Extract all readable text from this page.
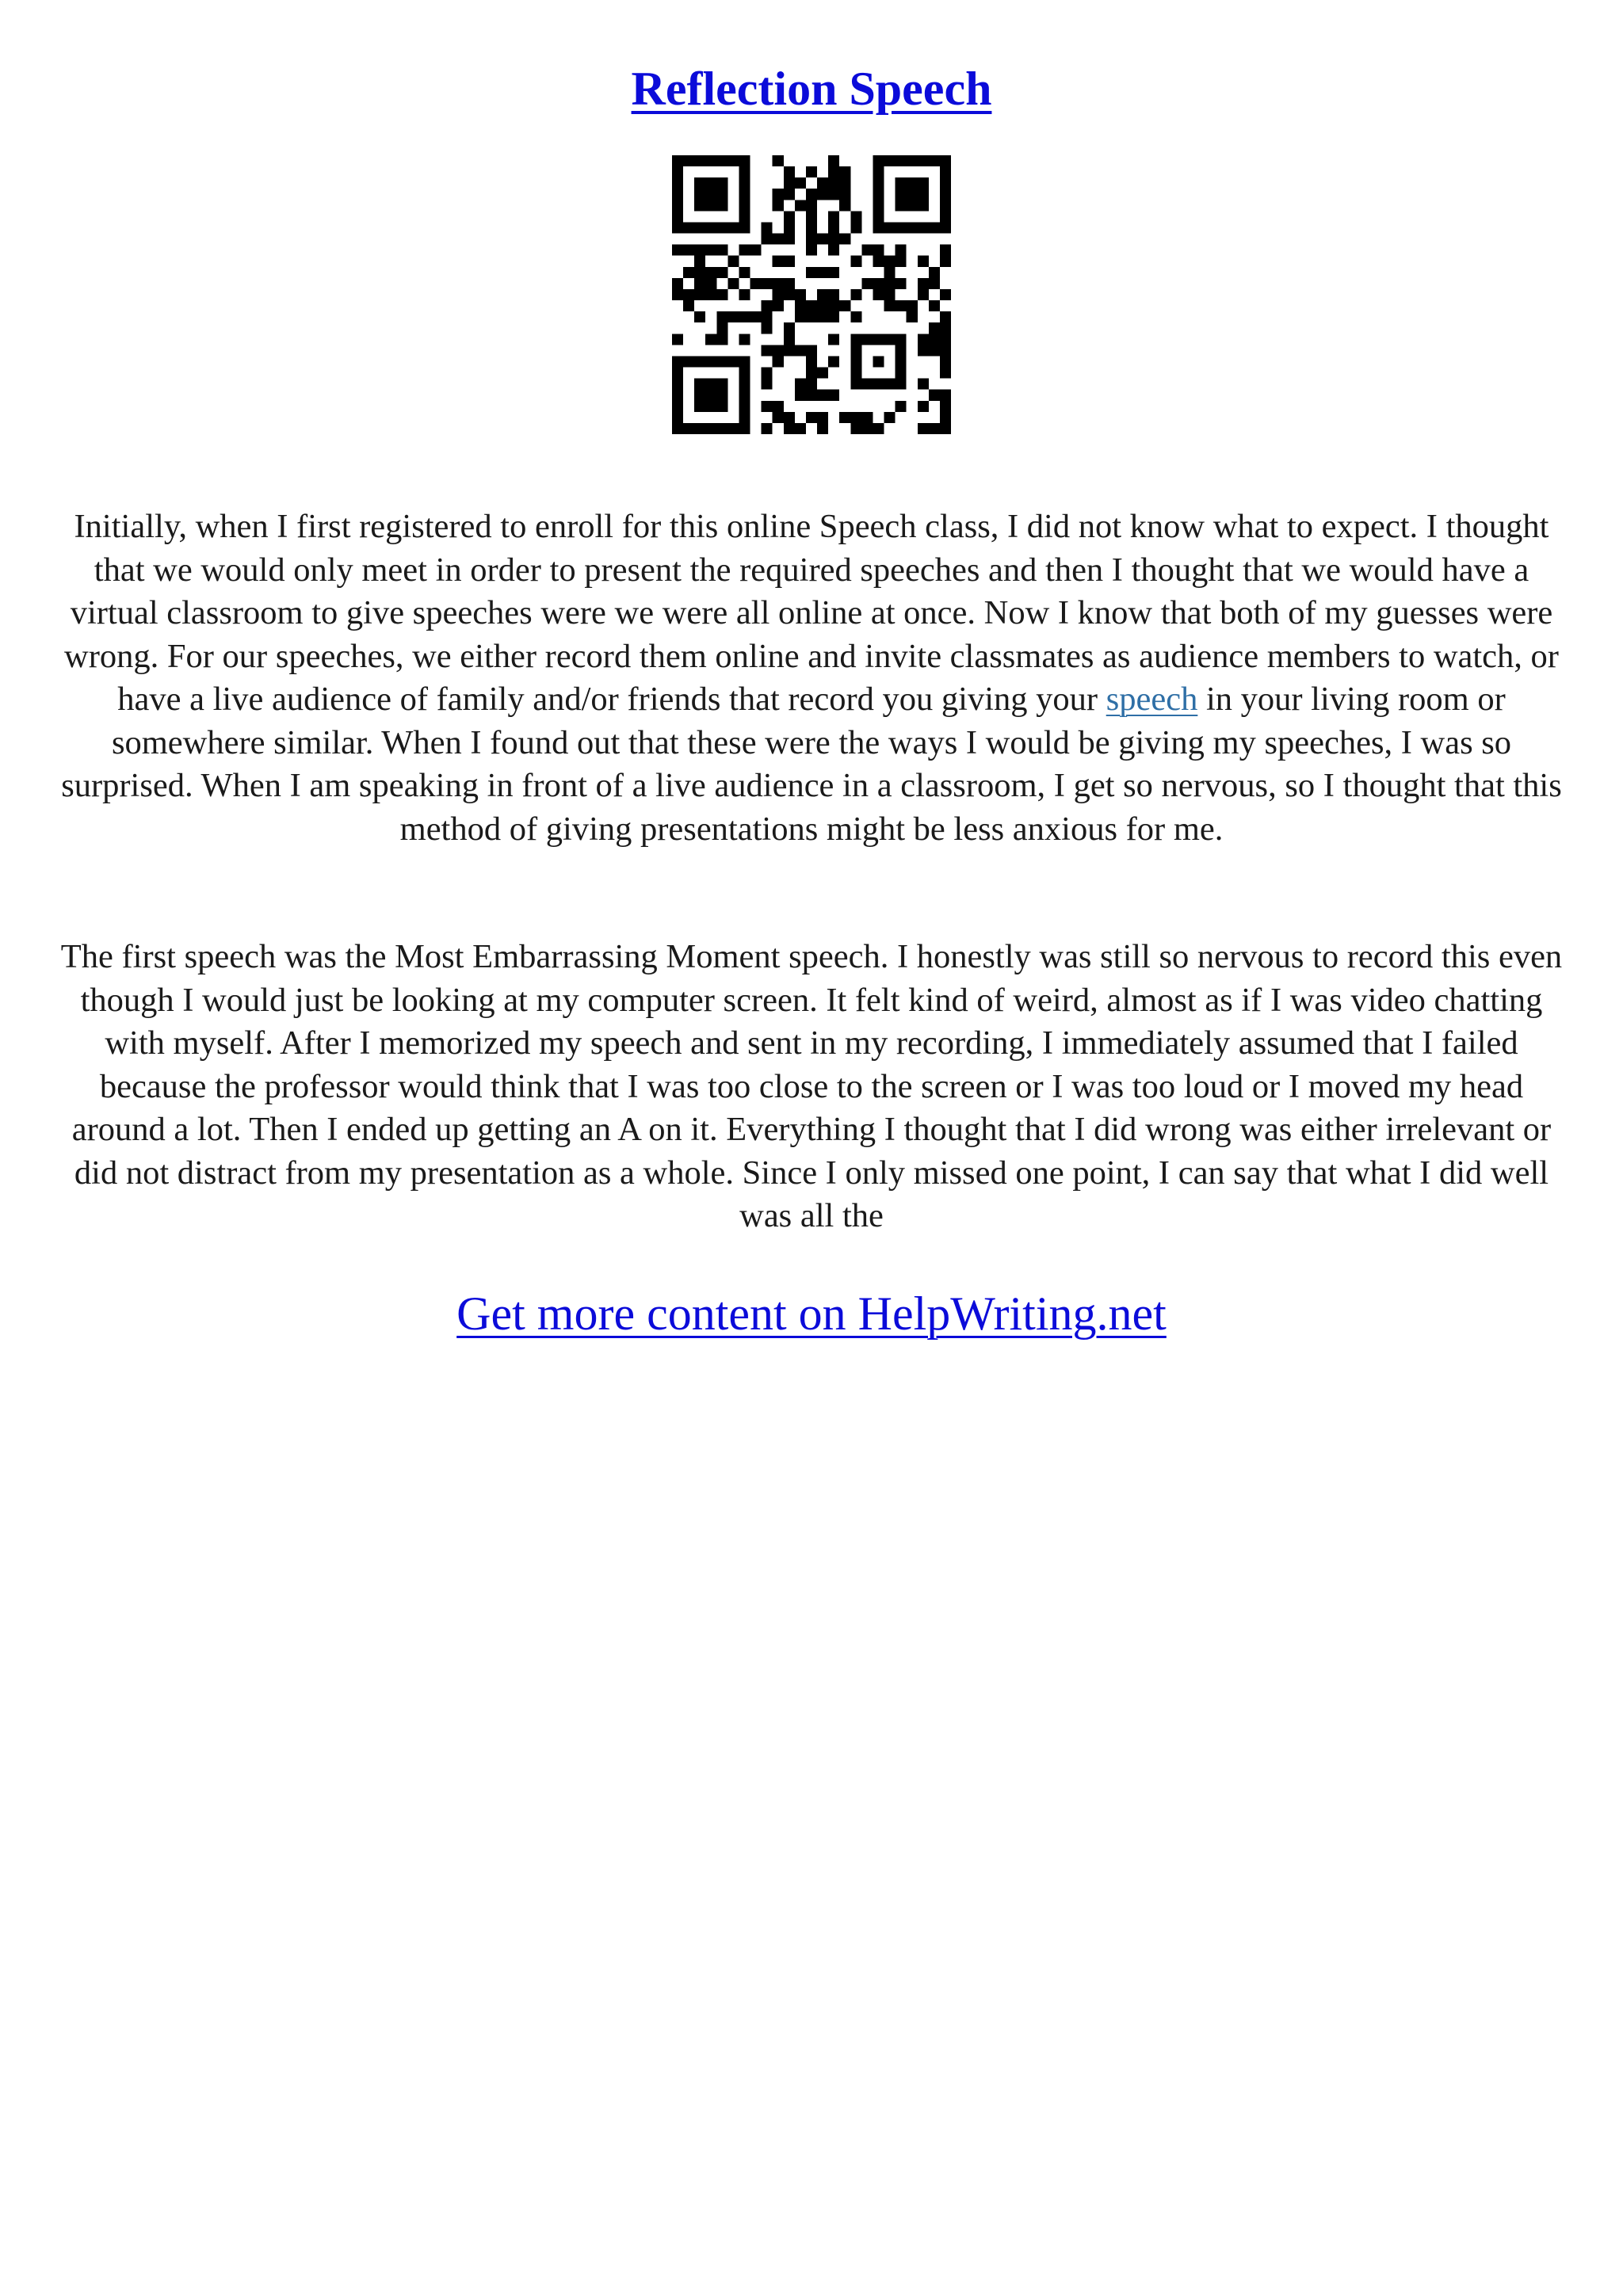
Reflection Speech

Initially, when I first registered to enroll for this online Speech class, I did not know what to expect. I thought that we would only meet in order to present the required speeches and then I thought that we would have a virtual classroom to give speeches were we were all online at once. Now I know that both of my guesses were wrong. For our speeches, we either record them online and invite classmates as audience members to watch, or have a live audience of family and/or friends that record you giving your speech in your living room or somewhere similar. When I found out that these were the ways I would be giving my speeches, I was so surprised. When I am speaking in front of a live audience in a classroom, I get so nervous, so I thought that this method of giving presentations might be less anxious for me.

The first speech was the Most Embarrassing Moment speech. I honestly was still so nervous to record this even though I would just be looking at my computer screen. It felt kind of weird, almost as if I was video chatting with myself. After I memorized my speech and sent in my recording, I immediately assumed that I failed because the professor would think that I was too close to the screen or I was too loud or I moved my head around a lot. Then I ended up getting an A on it. Everything I thought that I did wrong was either irrelevant or did not distract from my presentation as a whole. Since I only missed one point, I can say that what I did well was all the

Get more content on HelpWriting.net
